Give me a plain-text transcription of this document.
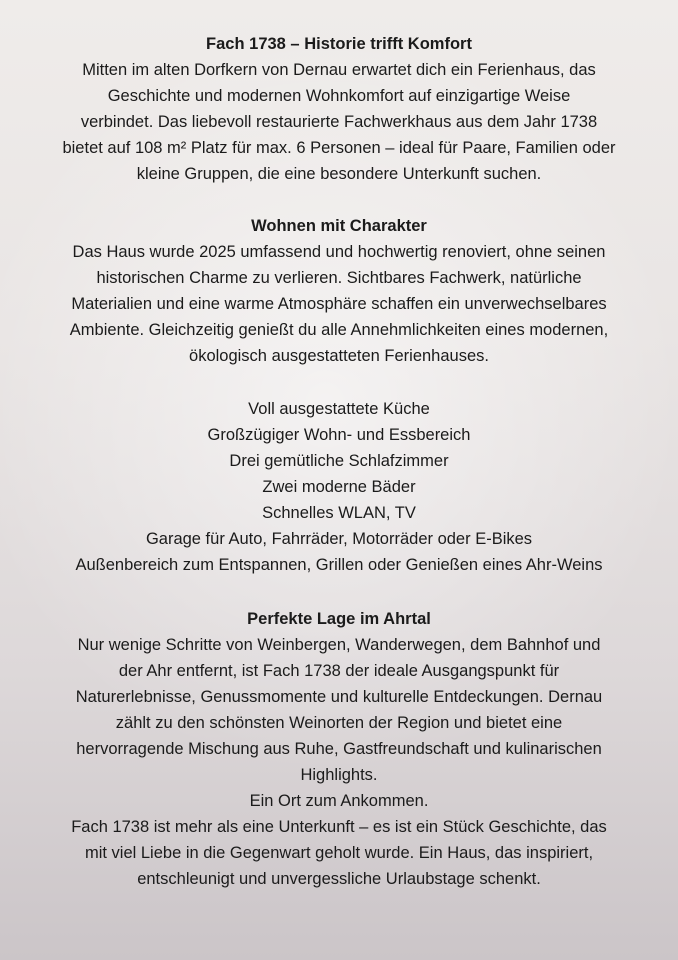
Fach 1738 – Historie trifft Komfort

Mitten im alten Dorfkern von Dernau erwartet dich ein Ferienhaus, das
Geschichte und modernen Wohnkomfort auf einzigartige Weise
verbindet. Das liebevoll restaurierte Fachwerkhaus aus dem Jahr 1738
bietet auf 108 m² Platz für max. 6 Personen – ideal für Paare, Familien oder
kleine Gruppen, die eine besondere Unterkunft suchen.

Wohnen mit Charakter

Das Haus wurde 2025 umfassend und hochwertig renoviert, ohne seinen
historischen Charme zu verlieren. Sichtbares Fachwerk, natürliche
Materialien und eine warme Atmosphäre schaffen ein unverwechselbares
Ambiente. Gleichzeitig genießt du alle Annehmlichkeiten eines modernen,
ökologisch ausgestatteten Ferienhauses.

Voll ausgestattete Küche
Großzügiger Wohn- und Essbereich
Drei gemütliche Schlafzimmer
Zwei moderne Bäder
Schnelles WLAN, TV
Garage für Auto, Fahrräder, Motorräder oder E-Bikes
Außenbereich zum Entspannen, Grillen oder Genießen eines Ahr-Weins

Perfekte Lage im Ahrtal

Nur wenige Schritte von Weinbergen, Wanderwegen, dem Bahnhof und
der Ahr entfernt, ist Fach 1738 der ideale Ausgangspunkt für
Naturerlebnisse, Genussmomente und kulturelle Entdeckungen. Dernau
zählt zu den schönsten Weinorten der Region und bietet eine
hervorragende Mischung aus Ruhe, Gastfreundschaft und kulinarischen
Highlights.

Ein Ort zum Ankommen.

Fach 1738 ist mehr als eine Unterkunft – es ist ein Stück Geschichte, das
mit viel Liebe in die Gegenwart geholt wurde. Ein Haus, das inspiriert,
entschleunigt und unvergessliche Urlaubstage schenkt.
